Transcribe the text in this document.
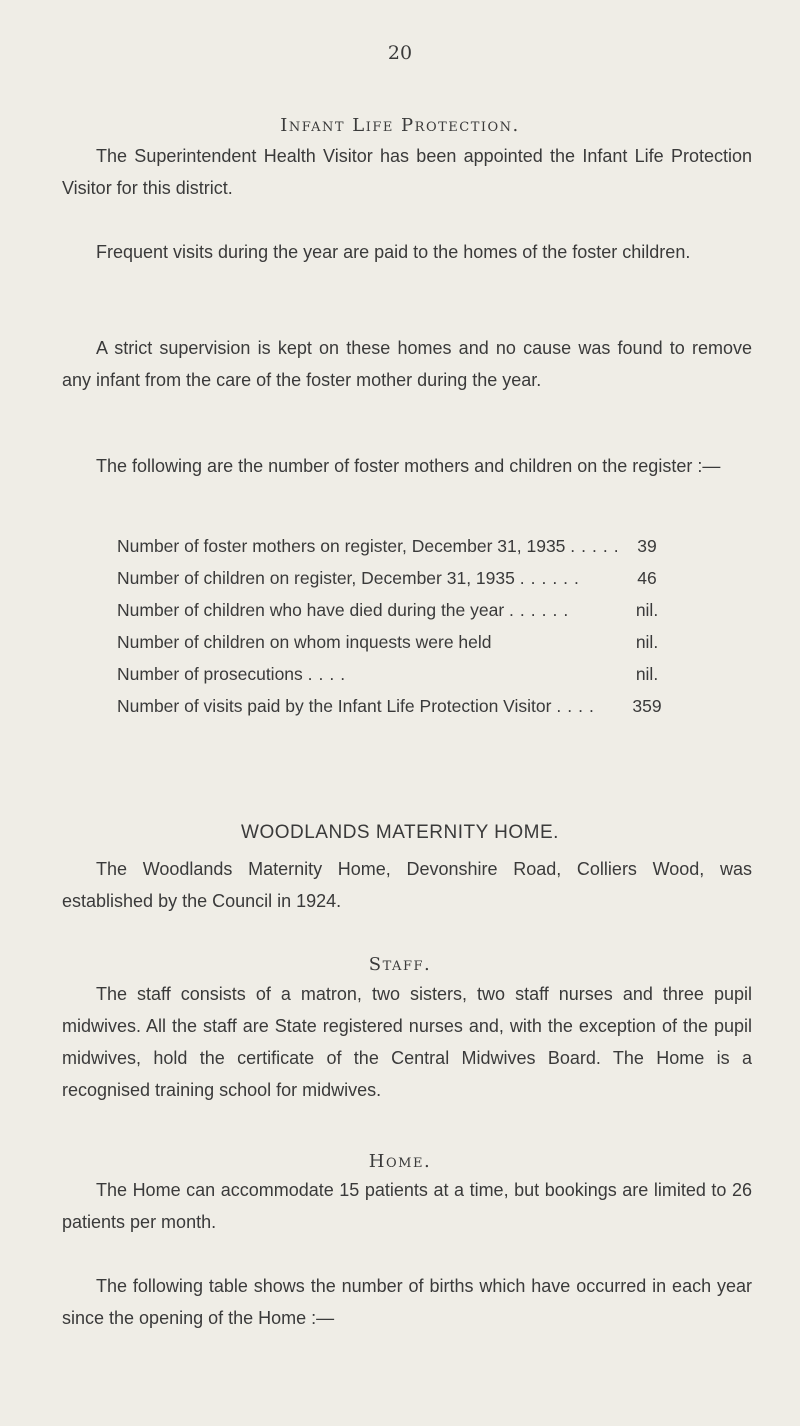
20
Infant Life Protection.

The Superintendent Health Visitor has been appointed the Infant Life Protection Visitor for this district.

Frequent visits during the year are paid to the homes of the foster children.

A strict supervision is kept on these homes and no cause was found to remove any infant from the care of the foster mother during the year.

The following are the number of foster mothers and children on the register :—

Number of foster mothers on register, December 31, 1935 ..... 39
Number of children on register, December 31, 1935 ......	46
Number of children who have died during the year ......	nil.
Number of children on whom inquests were held	nil.
Number of prosecutions ....	nil.
Number of visits paid by the Infant Life Protection Visitor ....	359
WOODLANDS MATERNITY HOME.

The Woodlands Maternity Home, Devonshire Road, Colliers Wood, was established by the Council in 1924.

Staff.

The staff consists of a matron, two sisters, two staff nurses and three pupil midwives. All the staff are State registered nurses and, with the exception of the pupil midwives, hold the certificate of the Central Midwives Board. The Home is a recognised training school for midwives.

Home.

The Home can accommodate 15 patients at a time, but bookings are limited to 26 patients per month.

The following table shows the number of births which have occurred in each year since the opening of the Home :—
